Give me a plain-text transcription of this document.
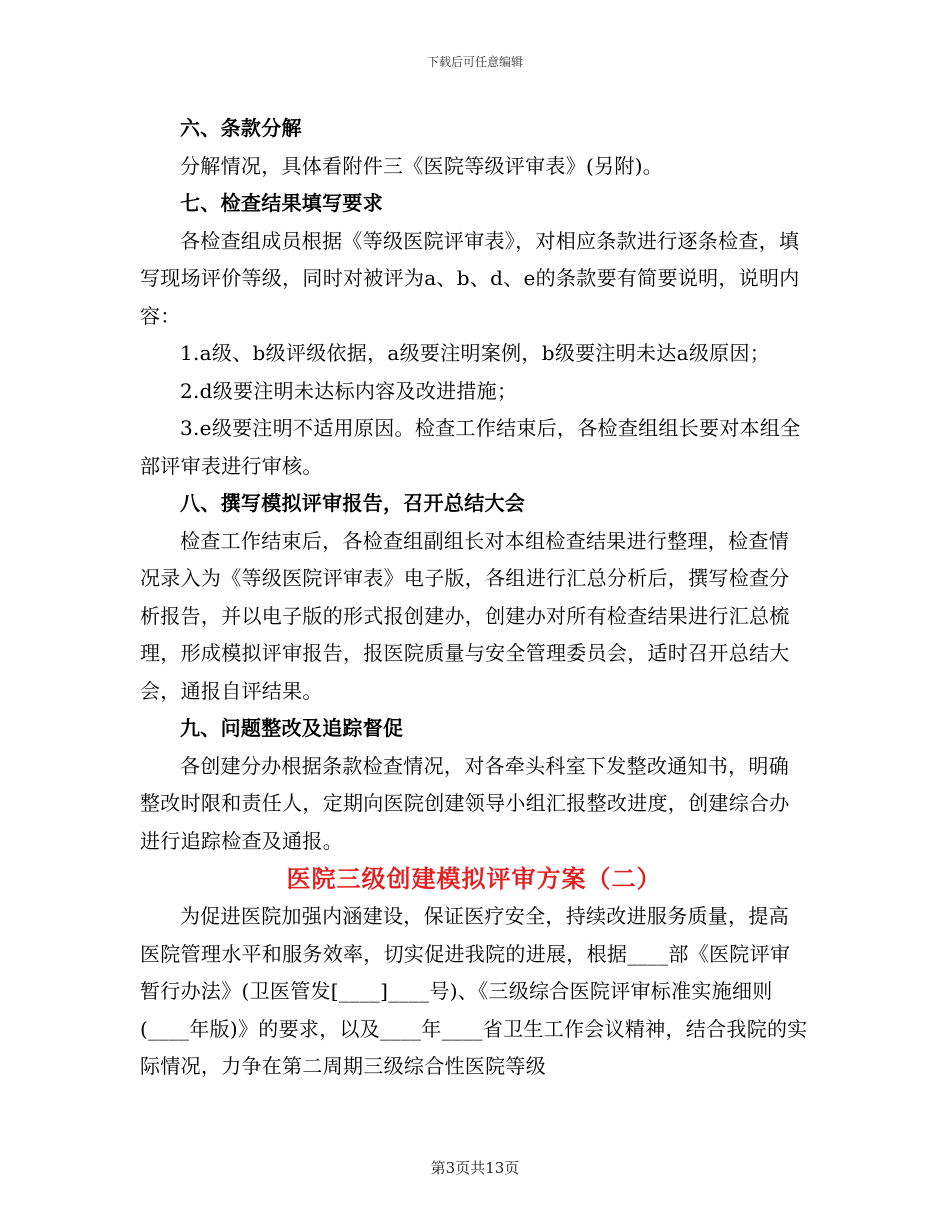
下载后可任意编辑

六、条款分解

分解情况，具体看附件三《医院等级评审表》(另附)。

七、检查结果填写要求

各检查组成员根据《等级医院评审表》，对相应条款进行逐条检查，填写现场评价等级，同时对被评为a、b、d、e的条款要有简要说明，说明内容：

1.a级、b级评级依据，a级要注明案例，b级要注明未达a级原因；

2.d级要注明未达标内容及改进措施；

3.e级要注明不适用原因。检查工作结束后，各检查组组长要对本组全部评审表进行审核。

八、撰写模拟评审报告，召开总结大会

检查工作结束后，各检查组副组长对本组检查结果进行整理，检查情况录入为《等级医院评审表》电子版，各组进行汇总分析后，撰写检查分析报告，并以电子版的形式报创建办，创建办对所有检查结果进行汇总梳理，形成模拟评审报告，报医院质量与安全管理委员会，适时召开总结大会，通报自评结果。

九、问题整改及追踪督促

各创建分办根据条款检查情况，对各牵头科室下发整改通知书，明确整改时限和责任人，定期向医院创建领导小组汇报整改进度，创建综合办进行追踪检查及通报。

医院三级创建模拟评审方案（二）

为促进医院加强内涵建设，保证医疗安全，持续改进服务质量，提高医院管理水平和服务效率，切实促进我院的进展，根据____部《医院评审暂行办法》(卫医管发[____]____号)、《三级综合医院评审标准实施细则(____年版)》的要求，以及____年____省卫生工作会议精神，结合我院的实际情况，力争在第二周期三级综合性医院等级

第3页共13页
